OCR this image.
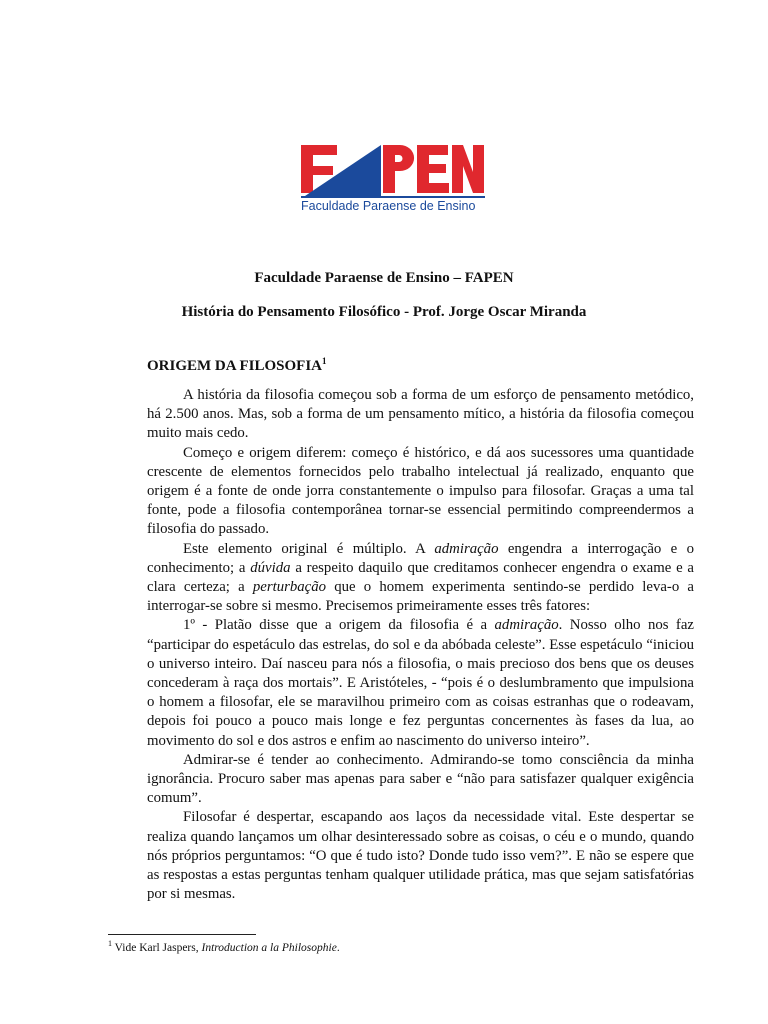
Faculdade Paraense de Ensino
Faculdade Paraense de Ensino – FAPEN
História do Pensamento Filosófico - Prof. Jorge Oscar Miranda
ORIGEM DA FILOSOFIA$^1$

A história da filosofia começou sob a forma de um esforço de pensamento metódico, há 2.500 anos. Mas, sob a forma de um pensamento mítico, a história da filosofia começou muito mais cedo.

Começo e origem diferem: começo é histórico, e dá aos sucessores uma quantidade crescente de elementos fornecidos pelo trabalho intelectual já realizado, enquanto que origem é a fonte de onde jorra constantemente o impulso para filosofar. Graças a uma tal fonte, pode a filosofia contemporânea tornar-se essencial permitindo compreendermos a filosofia do passado.

Este elemento original é múltiplo. A admiração engendra a interrogação e o conhecimento; a dúvida a respeito daquilo que creditamos conhecer engendra o exame e a clara certeza; a perturbação que o homem experimenta sentindo-se perdido leva-o a interrogar-se sobre si mesmo. Precisemos primeiramente esses três fatores:

1º - Platão disse que a origem da filosofia é a admiração. Nosso olho nos faz “participar do espetáculo das estrelas, do sol e da abóbada celeste”. Esse espetáculo “iniciou o universo inteiro. Daí nasceu para nós a filosofia, o mais precioso dos bens que os deuses concederam à raça dos mortais”. E Aristóteles, - “pois é o deslumbramento que impulsiona o homem a filosofar, ele se maravilhou primeiro com as coisas estranhas que o rodeavam, depois foi pouco a pouco mais longe e fez perguntas concernentes às fases da lua, ao movimento do sol e dos astros e enfim ao nascimento do universo inteiro”.

Admirar-se é tender ao conhecimento. Admirando-se tomo consciência da minha ignorância. Procuro saber mas apenas para saber e “não para satisfazer qualquer exigência comum”.

Filosofar é despertar, escapando aos laços da necessidade vital. Este despertar se realiza quando lançamos um olhar desinteressado sobre as coisas, o céu e o mundo, quando nós próprios perguntamos: “O que é tudo isto? Donde tudo isso vem?”. E não se espere que as respostas a estas perguntas tenham qualquer utilidade prática, mas que sejam satisfatórias por si mesmas.

$^1$ Vide Karl Jaspers, Introduction a la Philosophie.
